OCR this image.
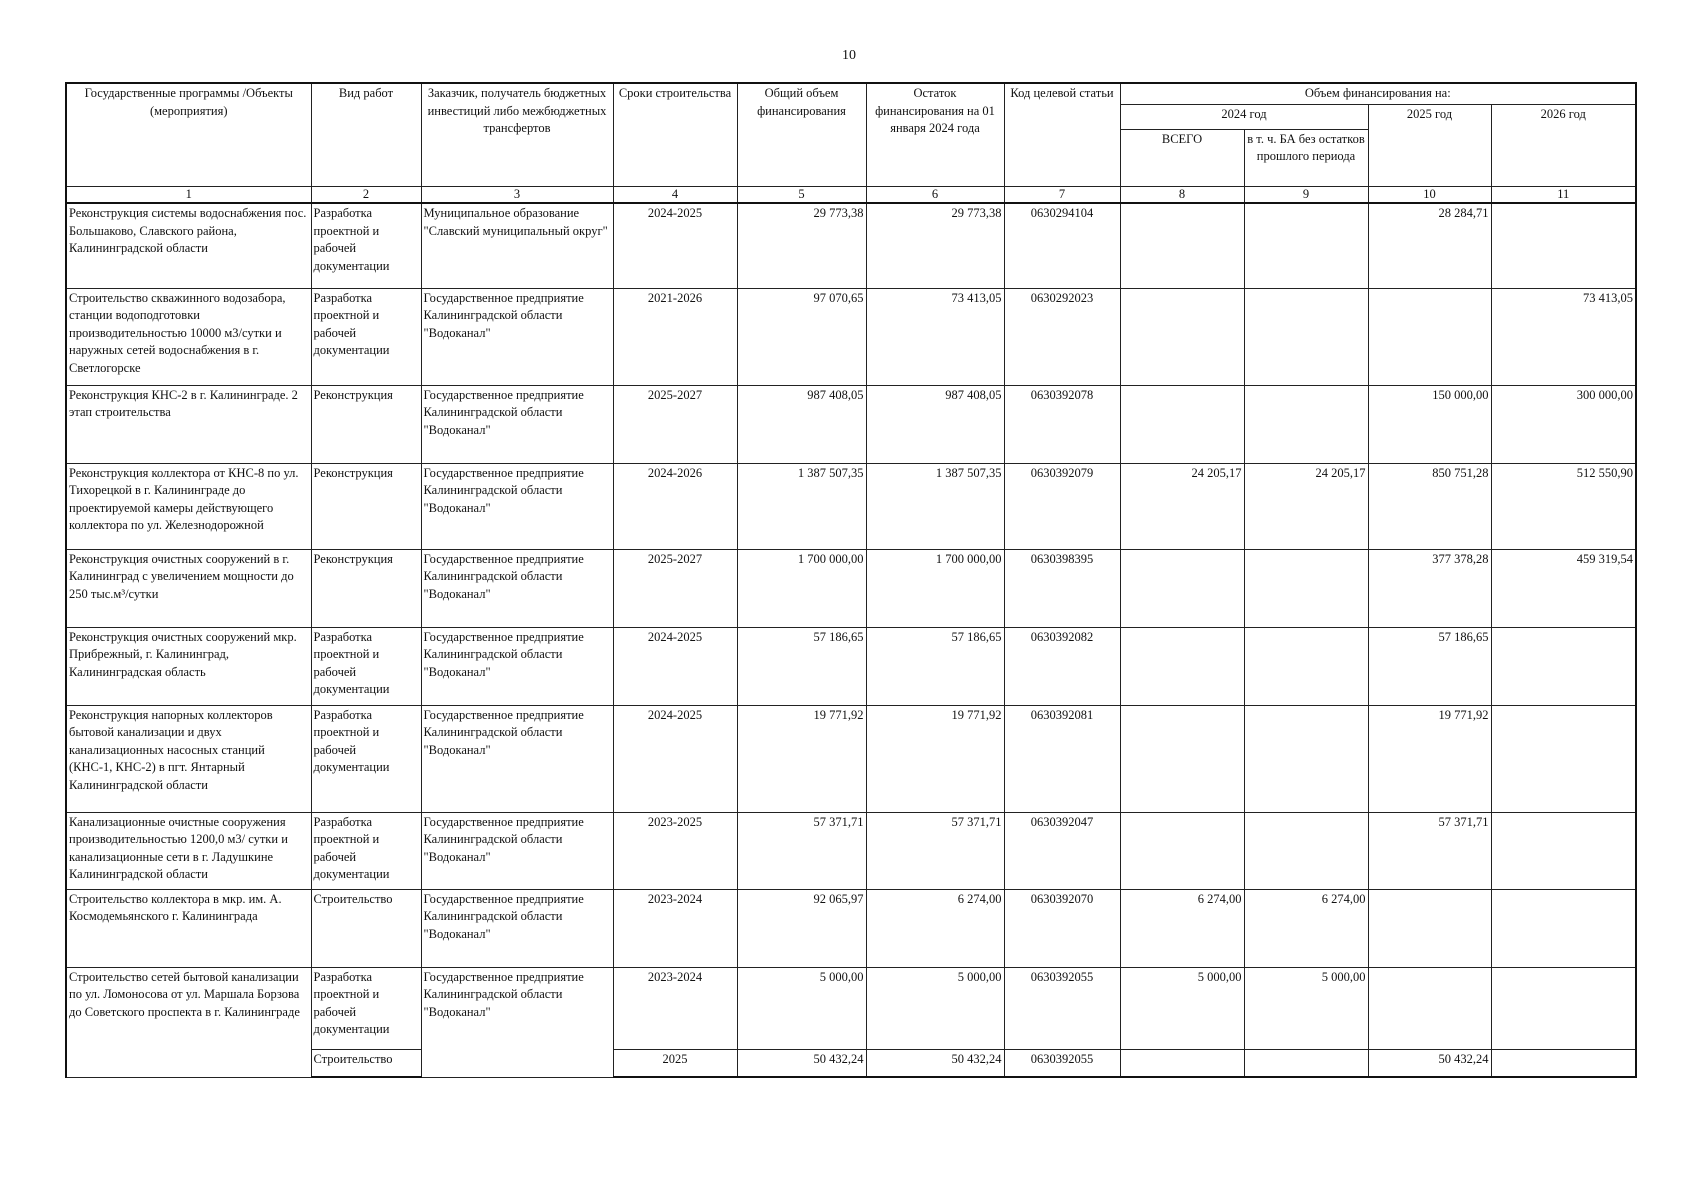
10
Государственные программы /Объекты (мероприятия)	Вид работ	Заказчик, получатель бюджетных инвестиций либо межбюджетных трансфертов	Сроки строительства	Общий объем финансирования	Остаток финансирования на 01 января 2024 года	Код целевой статьи	Объем финансирования на:			
							2024 год		2025 год	2026 год
							ВСЕГО	в т. ч. БА без остатков прошлого периода		
1	2	3	4	5	6	7	8	9	10	11
Реконструкция системы водоснабжения пос. Большаково, Славского района, Калининградской области	Разработка проектной и рабочей документации	Муниципальное образование "Славский муниципальный округ"	2024-2025	29 773,38	29 773,38	0630294104			28 284,71	
Строительство скважинного водозабора, станции водоподготовки производительностью 10000 м3/сутки и наружных сетей водоснабжения в г. Светлогорске	Разработка проектной и рабочей документации	Государственное предприятие Калининградской области "Водоканал"	2021-2026	97 070,65	73 413,05	0630292023				73 413,05
Реконструкция КНС-2 в г. Калининграде. 2 этап строительства	Реконструкция	Государственное предприятие Калининградской области "Водоканал"	2025-2027	987 408,05	987 408,05	0630392078			150 000,00	300 000,00
Реконструкция коллектора от КНС-8 по ул. Тихорецкой в г. Калининграде до проектируемой камеры действующего коллектора по ул. Железнодорожной	Реконструкция	Государственное предприятие Калининградской области "Водоканал"	2024-2026	1 387 507,35	1 387 507,35	0630392079	24 205,17	24 205,17	850 751,28	512 550,90
Реконструкция очистных сооружений в г. Калининград с увеличением мощности до 250 тыс.м³/сутки	Реконструкция	Государственное предприятие Калининградской области "Водоканал"	2025-2027	1 700 000,00	1 700 000,00	0630398395			377 378,28	459 319,54
Реконструкция очистных сооружений мкр. Прибрежный, г. Калининград, Калининградская область	Разработка проектной и рабочей документации	Государственное предприятие Калининградской области "Водоканал"	2024-2025	57 186,65	57 186,65	0630392082			57 186,65	
Реконструкция напорных коллекторов бытовой канализации и двух канализационных насосных станций (КНС-1, КНС-2) в пгт. Янтарный Калининградской области	Разработка проектной и рабочей документации	Государственное предприятие Калининградской области "Водоканал"	2024-2025	19 771,92	19 771,92	0630392081			19 771,92	
Канализационные очистные сооружения производительностью 1200,0 м3/ сутки и канализационные сети в г. Ладушкине Калининградской области	Разработка проектной и рабочей документации	Государственное предприятие Калининградской области "Водоканал"	2023-2025	57 371,71	57 371,71	0630392047			57 371,71	
Строительство коллектора в мкр. им. А. Космодемьянского г. Калининграда	Строительство	Государственное предприятие Калининградской области "Водоканал"	2023-2024	92 065,97	6 274,00	0630392070	6 274,00	6 274,00		
Строительство сетей бытовой канализации по ул. Ломоносова от ул. Маршала Борзова до Советского проспекта в г. Калининграде	Разработка проектной и рабочей документации	Государственное предприятие Калининградской области "Водоканал"	2023-2024	5 000,00	5 000,00	0630392055	5 000,00	5 000,00		
	Строительство		2025	50 432,24	50 432,24	0630392055			50 432,24	
